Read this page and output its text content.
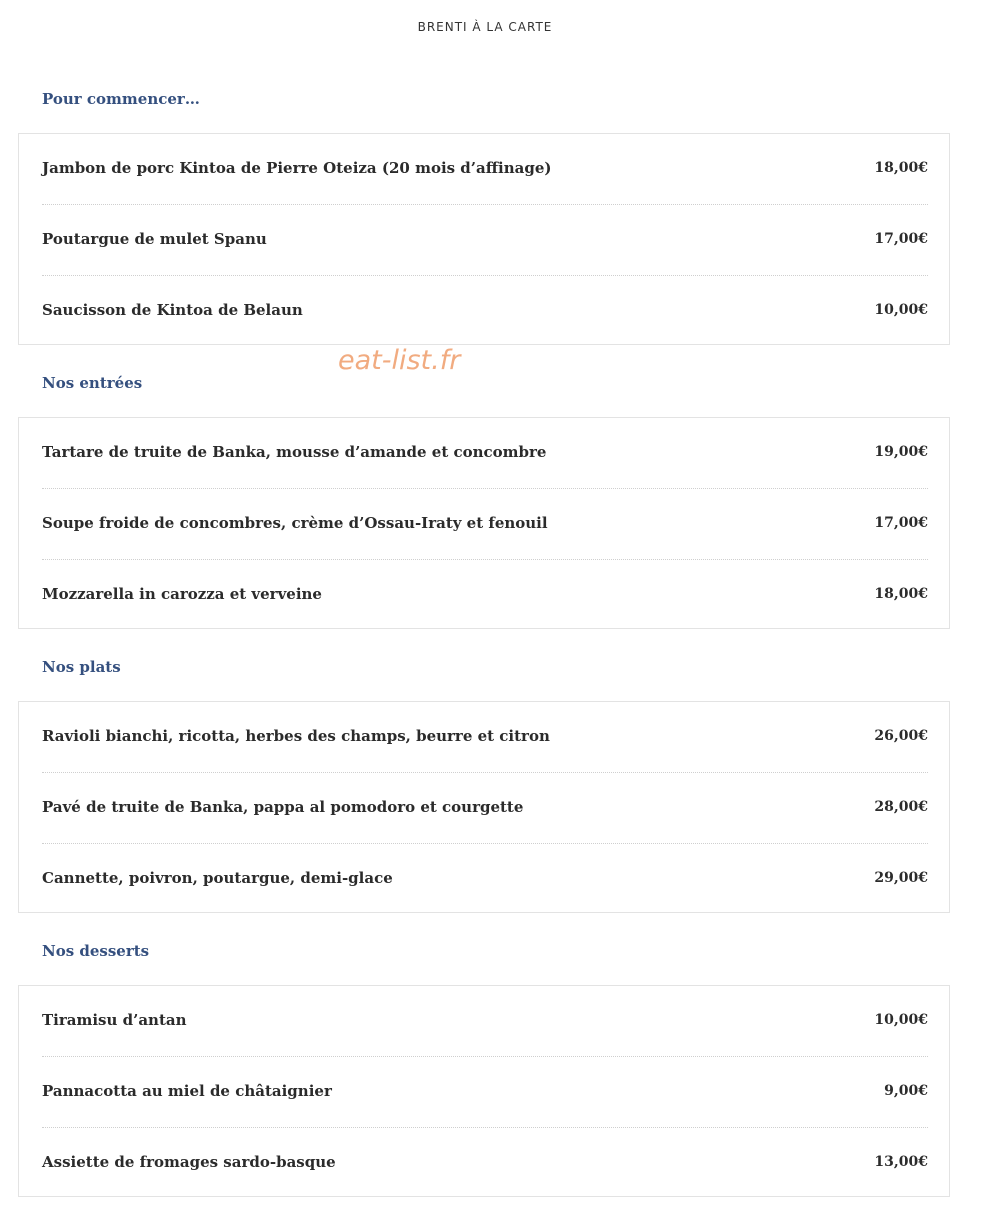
BRENTI À LA CARTE
Pour commencer…
Jambon de porc Kintoa de Pierre Oteiza (20 mois d’affinage)	18,00€
Poutargue de mulet Spanu	17,00€
Saucisson de Kintoa de Belaun	10,00€
Nos entrées
Tartare de truite de Banka, mousse d’amande et concombre	19,00€
Soupe froide de concombres, crème d’Ossau-Iraty et fenouil	17,00€
Mozzarella in carozza et verveine	18,00€
Nos plats
Ravioli bianchi, ricotta, herbes des champs, beurre et citron	26,00€
Pavé de truite de Banka, pappa al pomodoro et courgette	28,00€
Cannette, poivron, poutargue, demi-glace	29,00€
Nos desserts
Tiramisu d’antan	10,00€
Pannacotta au miel de châtaignier	9,00€
Assiette de fromages sardo-basque	13,00€
eat-list.fr
